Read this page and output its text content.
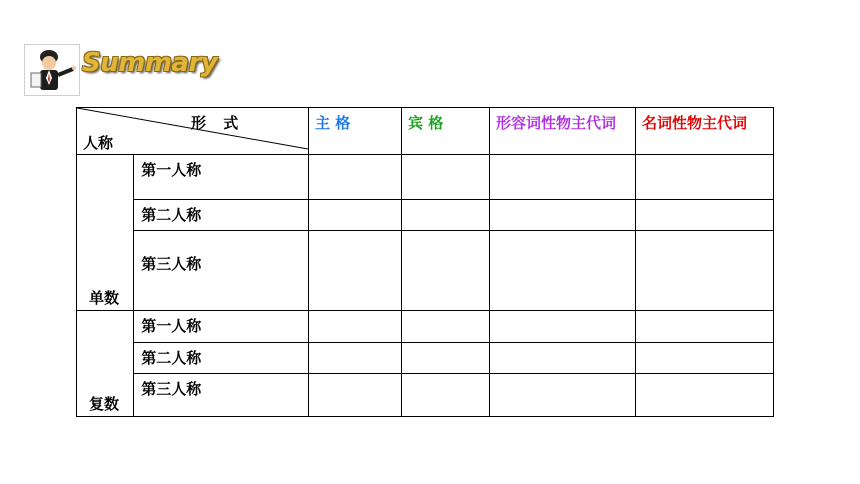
Summary
形 式
人称		主 格	宾 格	形容词性物主代词	名词性物主代词

单数	第一人称				
	第二人称				
	第三人称				

复数	第一人称				
	第二人称				
	第三人称				
